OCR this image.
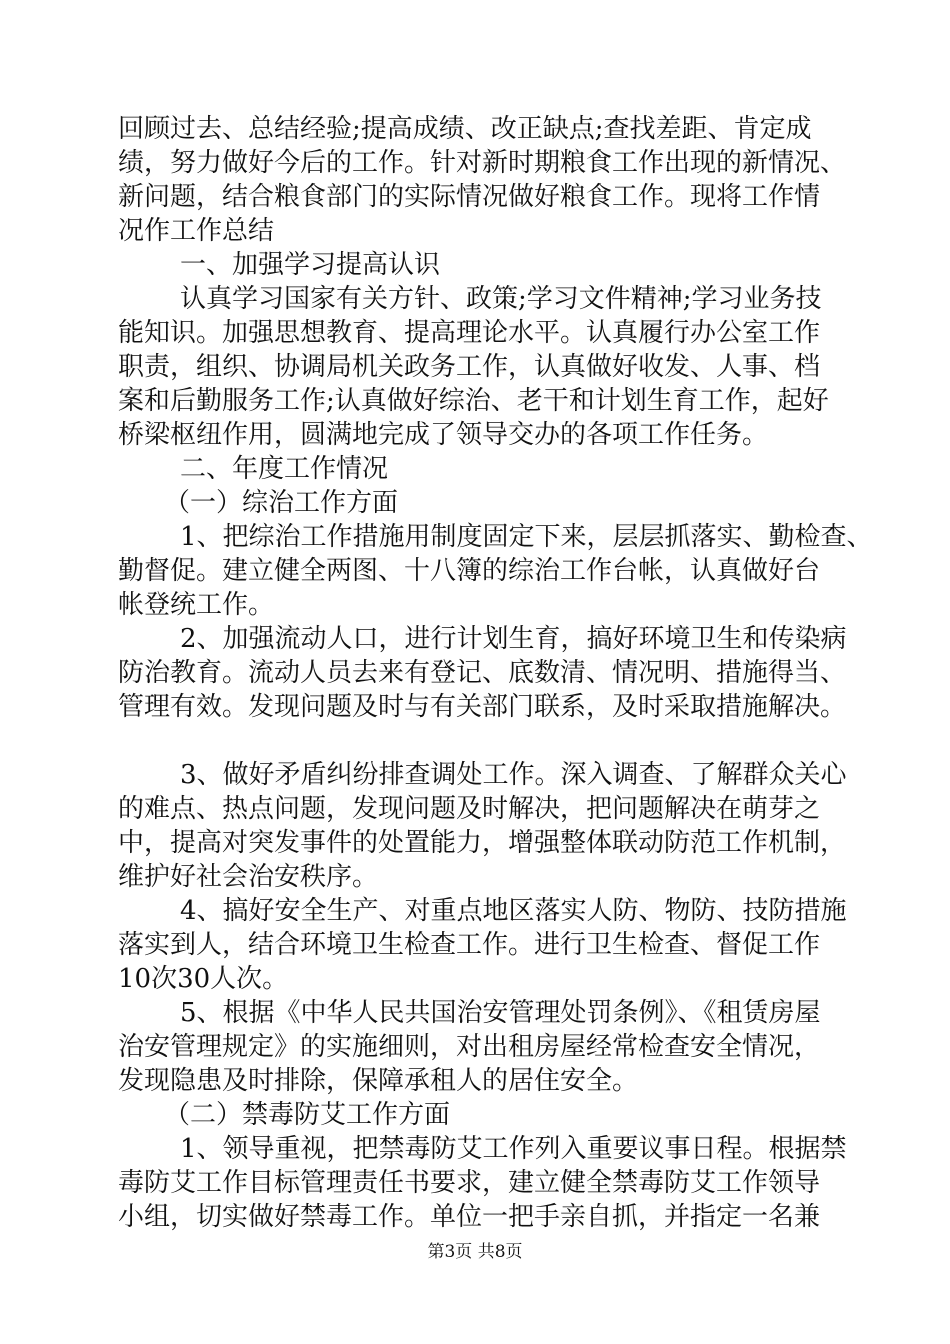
回顾过去、总结经验;提高成绩、改正缺点;查找差距、肯定成
绩，努力做好今后的工作。针对新时期粮食工作出现的新情况、
新问题，结合粮食部门的实际情况做好粮食工作。现将工作情
况作工作总结
一、加强学习提高认识
认真学习国家有关方针、政策;学习文件精神;学习业务技
能知识。加强思想教育、提高理论水平。认真履行办公室工作
职责，组织、协调局机关政务工作，认真做好收发、人事、档
案和后勤服务工作;认真做好综治、老干和计划生育工作，起好
桥梁枢纽作用，圆满地完成了领导交办的各项工作任务。
二、年度工作情况
（一）综治工作方面
1、把综治工作措施用制度固定下来，层层抓落实、勤检查、
勤督促。建立健全两图、十八簿的综治工作台帐，认真做好台
帐登统工作。
2、加强流动人口，进行计划生育，搞好环境卫生和传染病
防治教育。流动人员去来有登记、底数清、情况明、措施得当、
管理有效。发现问题及时与有关部门联系，及时采取措施解决。
3、做好矛盾纠纷排查调处工作。深入调查、了解群众关心
的难点、热点问题，发现问题及时解决，把问题解决在萌芽之
中，提高对突发事件的处置能力，增强整体联动防范工作机制，
维护好社会治安秩序。
4、搞好安全生产、对重点地区落实人防、物防、技防措施
落实到人，结合环境卫生检查工作。进行卫生检查、督促工作
10次30人次。
5、根据《中华人民共国治安管理处罚条例》、《租赁房屋
治安管理规定》的实施细则，对出租房屋经常检查安全情况，
发现隐患及时排除，保障承租人的居住安全。
（二）禁毒防艾工作方面
1、领导重视，把禁毒防艾工作列入重要议事日程。根据禁
毒防艾工作目标管理责任书要求，建立健全禁毒防艾工作领导
小组，切实做好禁毒工作。单位一把手亲自抓，并指定一名兼
第3页 共8页
